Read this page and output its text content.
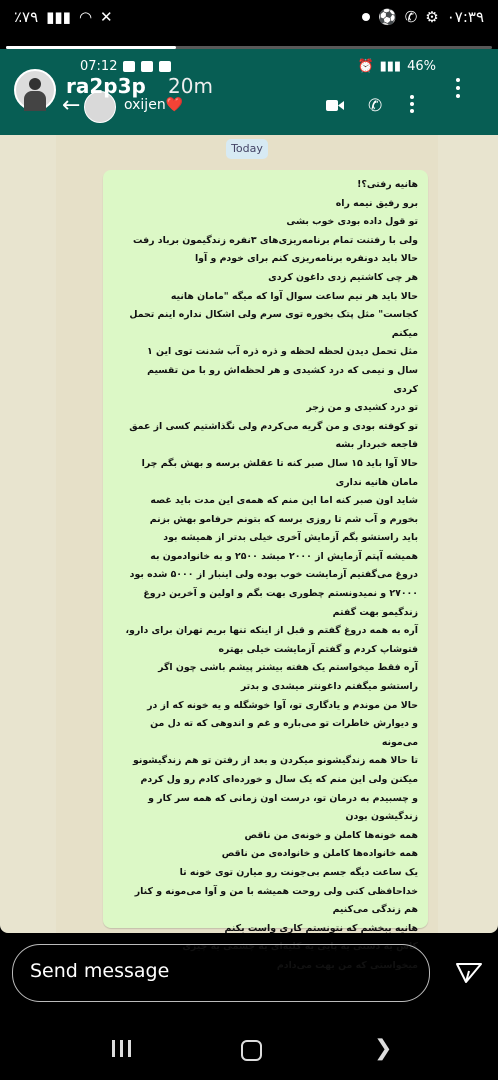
٪۷۹ ▮▮▮ ◠ ✕	⚽ ✆ ⚙ ۰۷:۳۹
07:12	⏰ ▮▮▮ 46%
←	oxijen❤️	✆
Today
هانیه رفتی؟!
برو رفیق نیمه راه
تو قول داده بودی خوب بشی
ولی با رفتنت تمام برنامه‌ریزی‌های ۳نفره زندگیمون برباد رفت
حالا باید دونفره برنامه‌ریزی کنم برای خودم و آوا
هر چی کاشتیم زدی داغون کردی
حالا باید هر نیم ساعت سوال آوا که میگه "مامان هانیه
کجاست" مثل پتک بخوره توی سرم ولی اشکال نداره اینم تحمل
میکنم
مثل تحمل دیدن لحظه لحظه و ذره ذره آب شدنت توی این ۱
سال و نیمی که درد کشیدی و هر لحظه‌اش رو با من تقسیم
کردی
تو درد کشیدی و من زجر
تو کوفته بودی و من گریه می‌کردم ولی نگذاشتیم کسی از عمق
فاجعه خبردار بشه
حالا آوا باید ۱۵ سال صبر کنه تا عقلش برسه و بهش بگم چرا
مامان هانیه نداری
شاید اون صبر کنه اما این منم که همه‌ی این مدت باید غصه
بخورم و آب شم تا روزی برسه که بتونم حرفامو بهش بزنم
باید راستشو بگم آزمایش آخری خیلی بدتر از همیشه بود
همیشه آپتم آزمایش از ۲۰۰۰ میشد ۲۵۰۰ و به خانوادمون به
دروغ می‌گفتیم آزمایشت خوب بوده ولی اینبار از ۵۰۰۰ شده بود
۲۷۰۰۰ و نمیدونستم چطوری بهت بگم و اولین و آخرین دروغ
زندگیمو بهت گفتم
آره به همه دروغ گفتم و قبل از اینکه تنها بریم تهران برای دارو،
فتوشاپ کردم و گفتم آزمایشت خیلی بهتره
آره فقط میخواستم یک هفته بیشتر پیشم باشی چون اگر
راستشو میگفتم داغونتر میشدی و بدتر
حالا من موندم و یادگاری تو، آوا خوشگله و یه خونه که از در
و دیوارش خاطرات تو می‌باره و غم و اندوهی که ته دل من
می‌مونه
تا حالا همه زندگیشونو میکردن و بعد از رفتن تو هم زندگیشونو
میکنن ولی این منم که یک سال و خورده‌ای کادم رو ول کردم
و چسبیدم به درمان تو، درست اون زمانی که همه سر کار و
زندگیشون بودن
همه خونه‌ها کاملن و خونه‌ی من ناقص
همه خانواده‌ها کاملن و خانواده‌ی من ناقص
یک ساعت دیگه جسم بی‌جونت رو میارن توی خونه تا
خداحافظی کنی ولی روحت همیشه با من و آوا می‌مونه و کنار
هم زندگی می‌کنیم
هانیه ببخشم که نتونستم کاری واست بکنم
کاش یه دستی یه پایی یه کلیه‌ای یه چشمی یه چیزی
میخواستی که من بهت می‌دادم
ra2p3p 20m
Send message
❯
